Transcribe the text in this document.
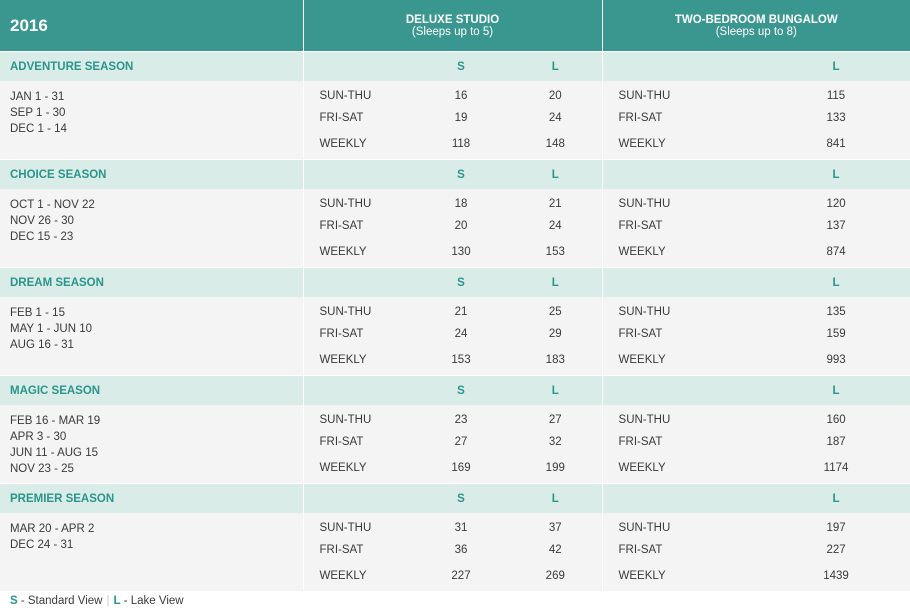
2016	DELUXE STUDIO
(Sleeps up to 5)			TWO-BEDROOM BUNGALOW
(Sleeps up to 8)	

ADVENTURE SEASON		S	L		L

JAN 1 - 31
SEP 1 - 30
DEC 1 - 14	SUN-THU	16	20	SUN-THU	115
	FRI-SAT	19	24	FRI-SAT	133
	WEEKLY	118	148	WEEKLY	841
CHOICE SEASON		S	L		L

OCT 1 - NOV 22
NOV 26 - 30
DEC 15 - 23	SUN-THU	18	21	SUN-THU	120
	FRI-SAT	20	24	FRI-SAT	137
	WEEKLY	130	153	WEEKLY	874
DREAM SEASON		S	L		L

FEB 1 - 15
MAY 1 - JUN 10
AUG 16 - 31	SUN-THU	21	25	SUN-THU	135
	FRI-SAT	24	29	FRI-SAT	159
	WEEKLY	153	183	WEEKLY	993
MAGIC SEASON		S	L		L

FEB 16 - MAR 19
APR 3 - 30
JUN 11 - AUG 15
NOV 23 - 25	SUN-THU	23	27	SUN-THU	160
	FRI-SAT	27	32	FRI-SAT	187
	WEEKLY	169	199	WEEKLY	1174
PREMIER SEASON		S	L		L

MAR 20 - APR 2
DEC 24 - 31	SUN-THU	31	37	SUN-THU	197
	FRI-SAT	36	42	FRI-SAT	227
	WEEKLY	227	269	WEEKLY	1439
S - Standard View | L - Lake View
